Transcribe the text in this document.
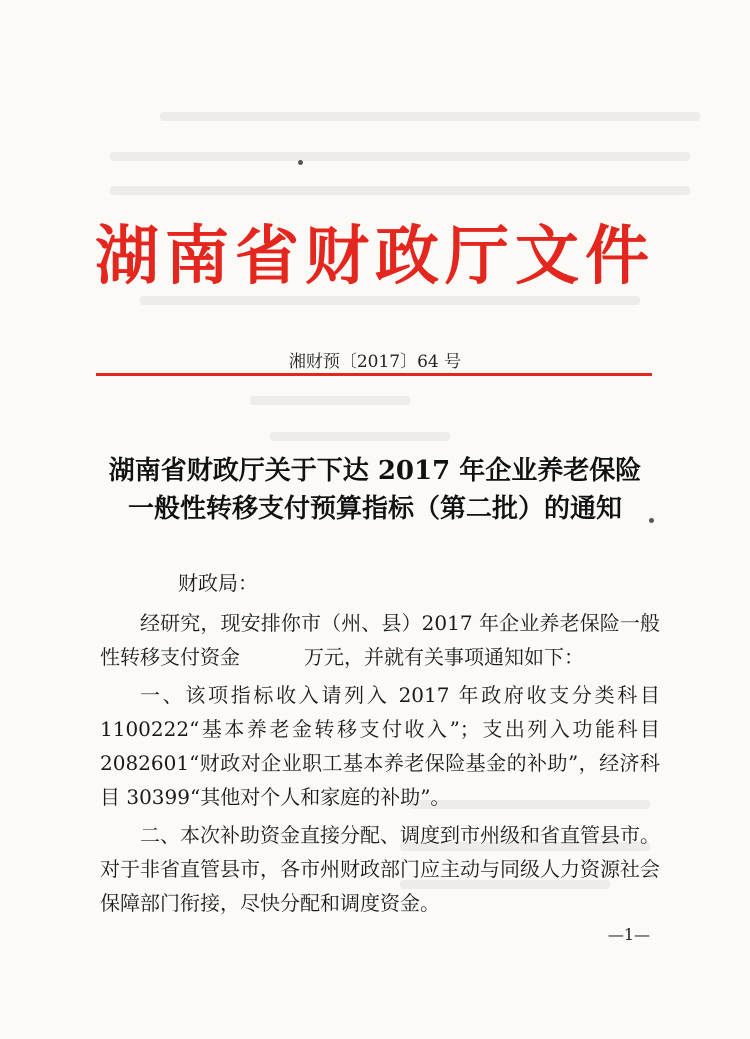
湖南省财政厅文件
湘财预〔2017〕64 号
湖南省财政厅关于下达 2017 年企业养老保险
一般性转移支付预算指标（第二批）的通知

财政局：

经研究，现安排你市（州、县）2017 年企业养老保险一般性转移支付资金	万元，并就有关事项通知如下：

一、该项指标收入请列入 2017 年政府收支分类科目 1100222“基本养老金转移支付收入”；支出列入功能科目 2082601“财政对企业职工基本养老保险基金的补助”，经济科目 30399“其他对个人和家庭的补助”。

二、本次补助资金直接分配、调度到市州级和省直管县市。对于非省直管县市，各市州财政部门应主动与同级人力资源社会保障部门衔接，尽快分配和调度资金。

—1—
